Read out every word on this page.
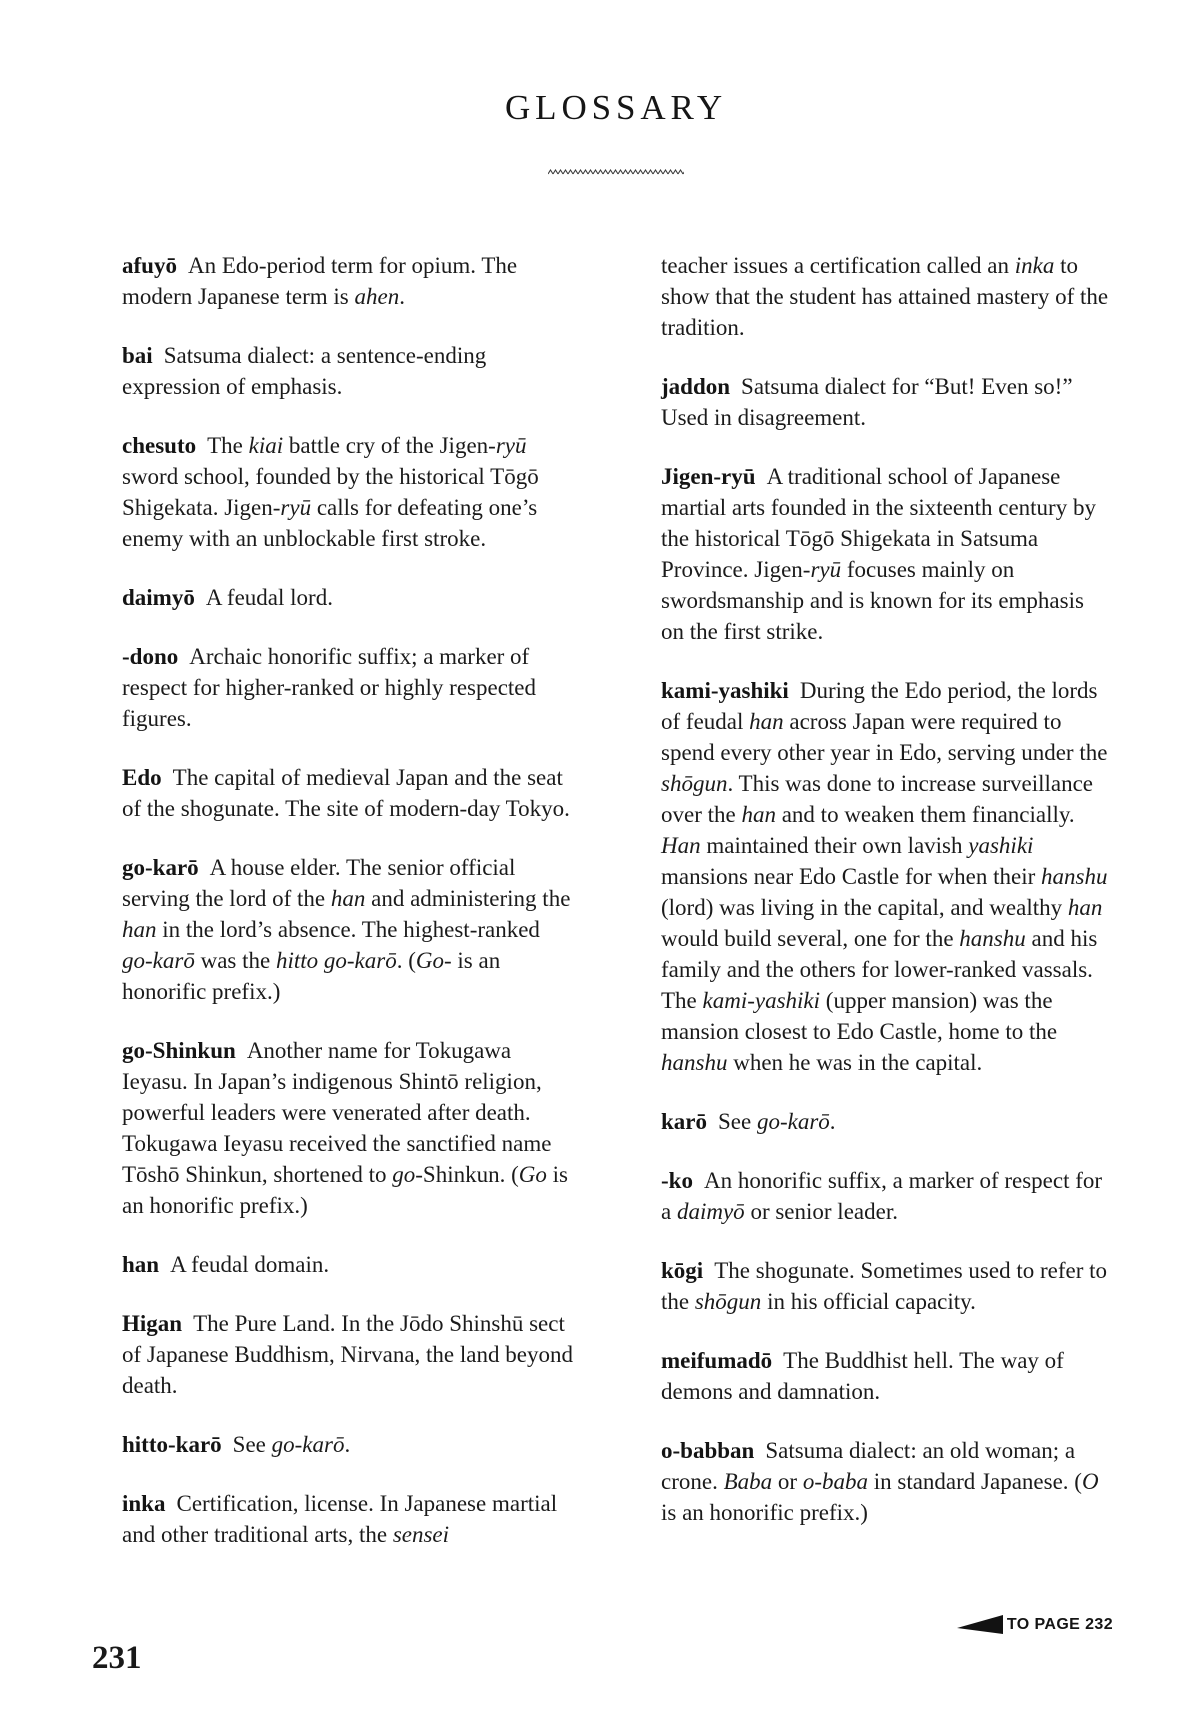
GLOSSARY

afuyō An Edo-period term for opium. The modern Japanese term is ahen.

bai Satsuma dialect: a sentence-ending expression of emphasis.

chesuto The kiai battle cry of the Jigen-ryū sword school, founded by the historical Tōgō Shigekata. Jigen-ryū calls for defeating one’s enemy with an unblockable first stroke.

daimyō A feudal lord.

-dono Archaic honorific suffix; a marker of respect for higher-ranked or highly respected figures.

Edo The capital of medieval Japan and the seat of the shogunate. The site of modern-day Tokyo.

go-karō A house elder. The senior official serving the lord of the han and administering the han in the lord’s absence. The highest-ranked go-karō was the hitto go-karō. (Go- is an honorific prefix.)

go-Shinkun Another name for Tokugawa Ieyasu. In Japan’s indigenous Shintō religion, powerful leaders were venerated after death. Tokugawa Ieyasu received the sanctified name Tōshō Shinkun, shortened to go-Shinkun. (Go is an honorific prefix.)

han A feudal domain.

Higan The Pure Land. In the Jōdo Shinshū sect of Japanese Buddhism, Nirvana, the land beyond death.

hitto-karō See go-karō.

inka Certification, license. In Japanese martial and other traditional arts, the sensei

teacher issues a certification called an inka to show that the student has attained mastery of the tradition.

jaddon Satsuma dialect for “But! Even so!” Used in disagreement.

Jigen-ryū A traditional school of Japanese martial arts founded in the sixteenth century by the historical Tōgō Shigekata in Satsuma Province. Jigen-ryū focuses mainly on swordsmanship and is known for its emphasis on the first strike.

kami-yashiki During the Edo period, the lords of feudal han across Japan were required to spend every other year in Edo, serving under the shōgun. This was done to increase surveillance over the han and to weaken them financially. Han maintained their own lavish yashiki mansions near Edo Castle for when their hanshu (lord) was living in the capital, and wealthy han would build several, one for the hanshu and his family and the others for lower-ranked vassals. The kami-yashiki (upper mansion) was the mansion closest to Edo Castle, home to the hanshu when he was in the capital.

karō See go-karō.

-ko An honorific suffix, a marker of respect for a daimyō or senior leader.

kōgi The shogunate. Sometimes used to refer to the shōgun in his official capacity.

meifumadō The Buddhist hell. The way of demons and damnation.

o-babban Satsuma dialect: an old woman; a crone. Baba or o-baba in standard Japanese. (O is an honorific prefix.)

TO PAGE 232
231
